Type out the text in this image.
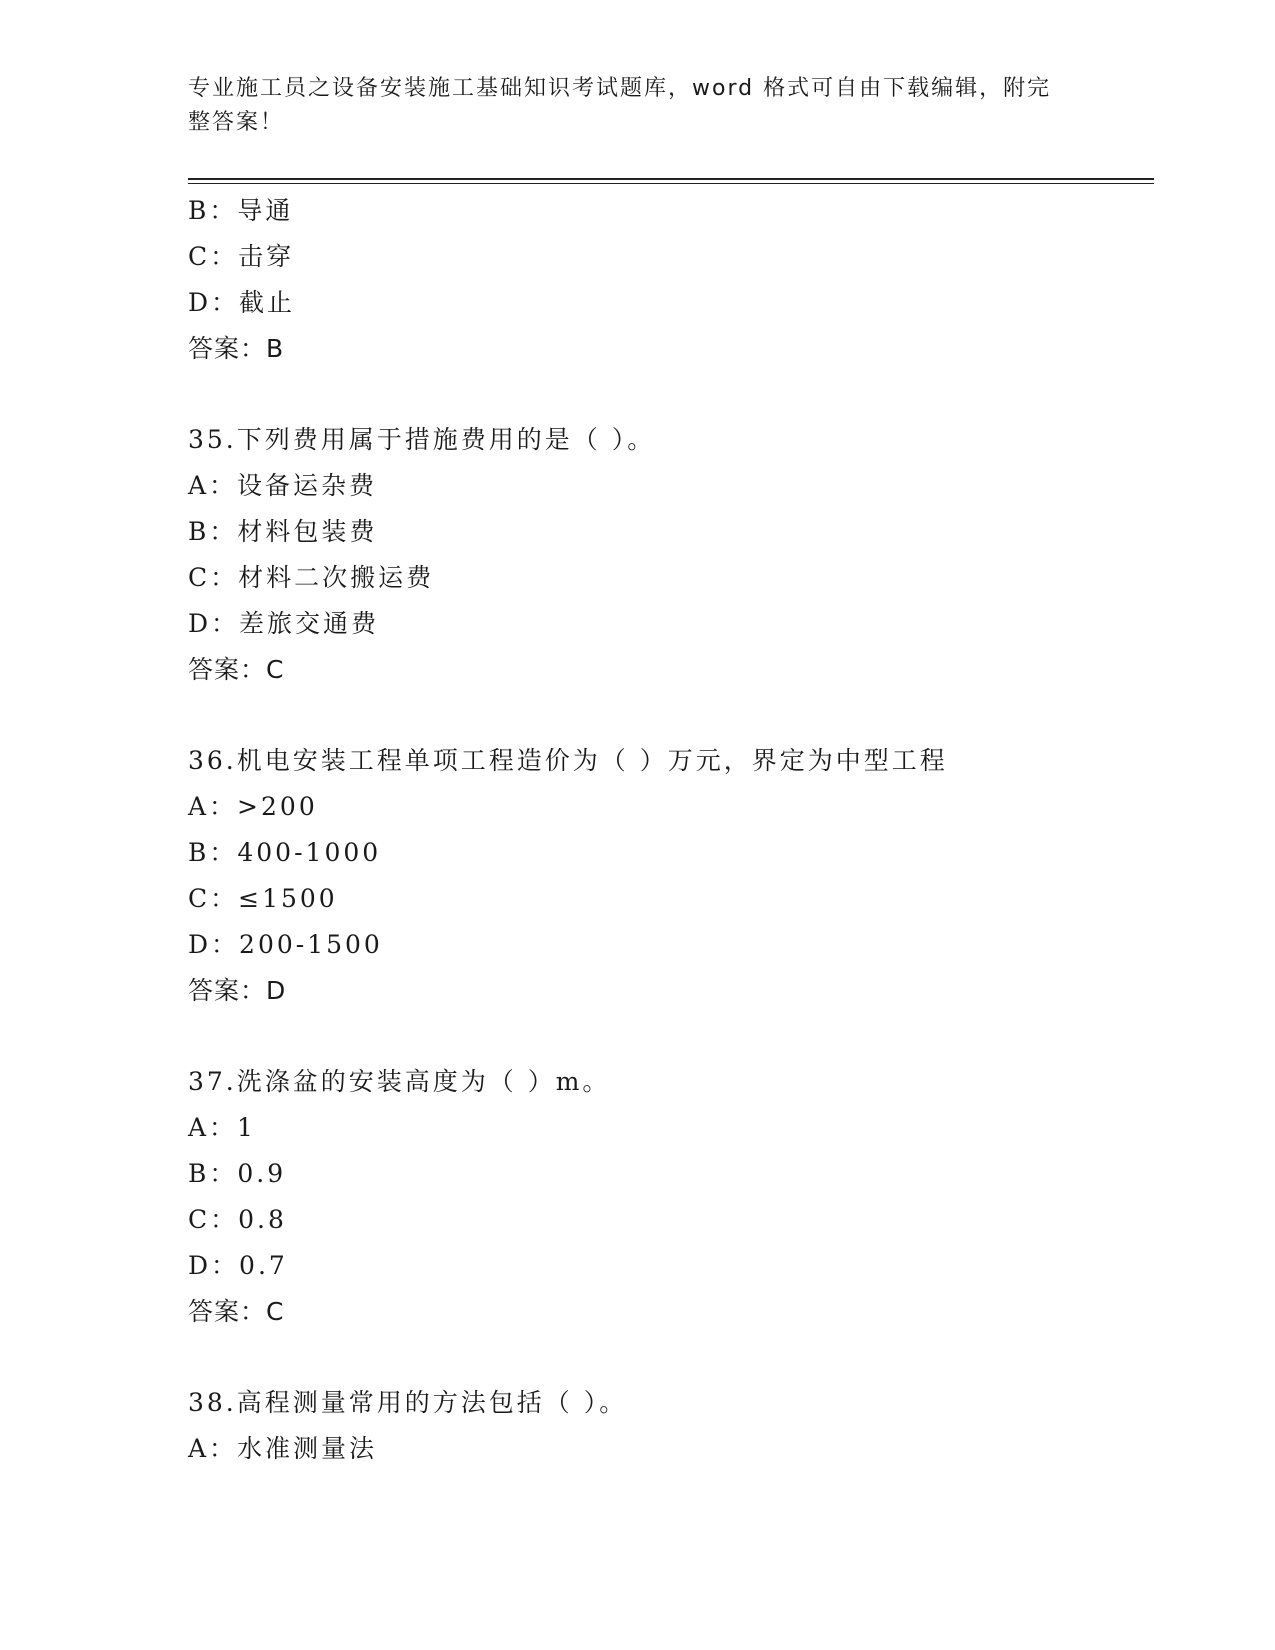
专业施工员之设备安装施工基础知识考试题库，word 格式可自由下载编辑，附完
整答案！
B：导通
C：击穿
D：截止
答案：B
35.下列费用属于措施费用的是（ ）。
A：设备运杂费
B：材料包装费
C：材料二次搬运费
D：差旅交通费
答案：C
36.机电安装工程单项工程造价为（ ）万元，界定为中型工程
A：>200
B：400-1000
C：≤1500
D：200-1500
答案：D
37.洗涤盆的安装高度为（ ）m。
A：1
B：0.9
C：0.8
D：0.7
答案：C
38.高程测量常用的方法包括（ ）。
A：水准测量法
